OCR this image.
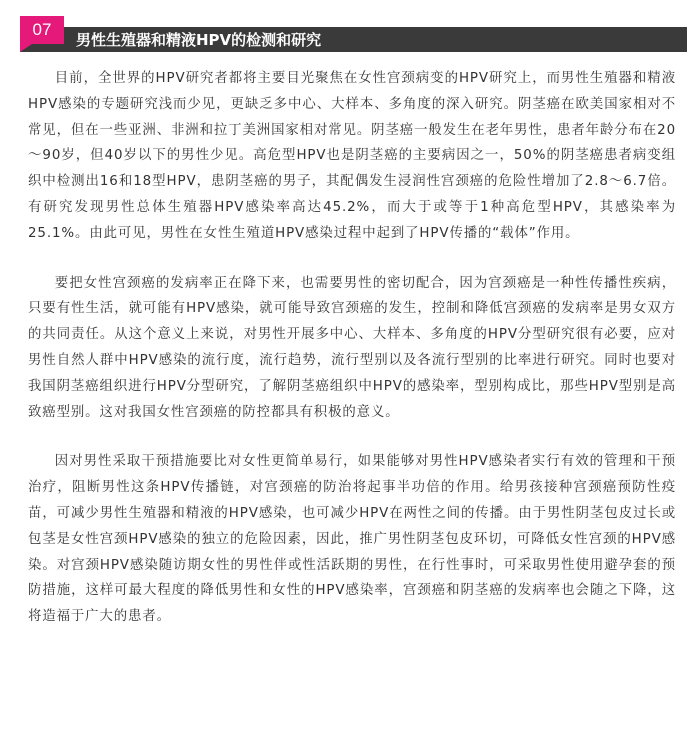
07
男性生殖器和精液HPV的检测和研究

目前，全世界的HPV研究者都将主要目光聚焦在女性宫颈病变的HPV研究上，而男性生殖器和精液HPV感染的专题研究浅而少见，更缺乏多中心、大样本、多角度的深入研究。阴茎癌在欧美国家相对不常见，但在一些亚洲、非洲和拉丁美洲国家相对常见。阴茎癌一般发生在老年男性，患者年龄分布在20～90岁，但40岁以下的男性少见。高危型HPV也是阴茎癌的主要病因之一，50%的阴茎癌患者病变组织中检测出16和18型HPV，患阴茎癌的男子，其配偶发生浸润性宫颈癌的危险性增加了2.8～6.7倍。有研究发现男性总体生殖器HPV感染率高达45.2%，而大于或等于1种高危型HPV，其感染率为25.1%。由此可见，男性在女性生殖道HPV感染过程中起到了HPV传播的“载体”作用。

要把女性宫颈癌的发病率正在降下来，也需要男性的密切配合，因为宫颈癌是一种性传播性疾病，只要有性生活，就可能有HPV感染，就可能导致宫颈癌的发生，控制和降低宫颈癌的发病率是男女双方的共同责任。从这个意义上来说，对男性开展多中心、大样本、多角度的HPV分型研究很有必要，应对男性自然人群中HPV感染的流行度，流行趋势，流行型别以及各流行型别的比率进行研究。同时也要对我国阴茎癌组织进行HPV分型研究，了解阴茎癌组织中HPV的感染率，型别构成比，那些HPV型别是高致癌型别。这对我国女性宫颈癌的防控都具有积极的意义。

因对男性采取干预措施要比对女性更简单易行，如果能够对男性HPV感染者实行有效的管理和干预治疗，阻断男性这条HPV传播链，对宫颈癌的防治将起事半功倍的作用。给男孩接种宫颈癌预防性疫苗，可减少男性生殖器和精液的HPV感染，也可减少HPV在两性之间的传播。由于男性阴茎包皮过长或包茎是女性宫颈HPV感染的独立的危险因素，因此，推广男性阴茎包皮环切，可降低女性宫颈的HPV感染。对宫颈HPV感染随访期女性的男性伴或性活跃期的男性，在行性事时，可采取男性使用避孕套的预防措施，这样可最大程度的降低男性和女性的HPV感染率，宫颈癌和阴茎癌的发病率也会随之下降，这将造福于广大的患者。
